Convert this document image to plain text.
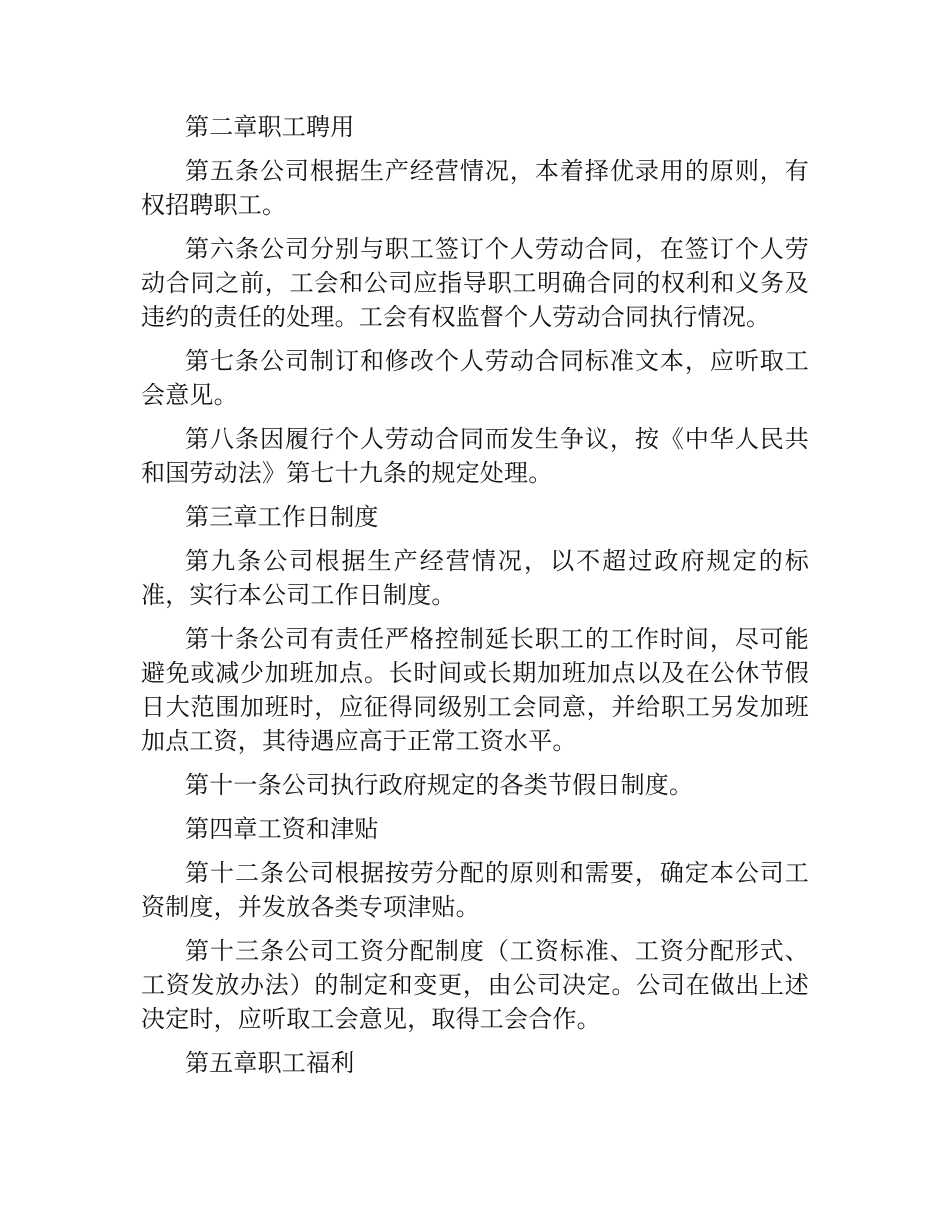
第二章职工聘用

第五条公司根据生产经营情况，本着择优录用的原则，有权招聘职工。

第六条公司分别与职工签订个人劳动合同，在签订个人劳动合同之前，工会和公司应指导职工明确合同的权利和义务及违约的责任的处理。工会有权监督个人劳动合同执行情况。

第七条公司制订和修改个人劳动合同标准文本，应听取工会意见。

第八条因履行个人劳动合同而发生争议，按《中华人民共和国劳动法》第七十九条的规定处理。

第三章工作日制度

第九条公司根据生产经营情况，以不超过政府规定的标准，实行本公司工作日制度。

第十条公司有责任严格控制延长职工的工作时间，尽可能避免或减少加班加点。长时间或长期加班加点以及在公休节假日大范围加班时，应征得同级别工会同意，并给职工另发加班加点工资，其待遇应高于正常工资水平。

第十一条公司执行政府规定的各类节假日制度。

第四章工资和津贴

第十二条公司根据按劳分配的原则和需要，确定本公司工资制度，并发放各类专项津贴。

第十三条公司工资分配制度（工资标准、工资分配形式、工资发放办法）的制定和变更，由公司决定。公司在做出上述决定时，应听取工会意见，取得工会合作。

第五章职工福利
